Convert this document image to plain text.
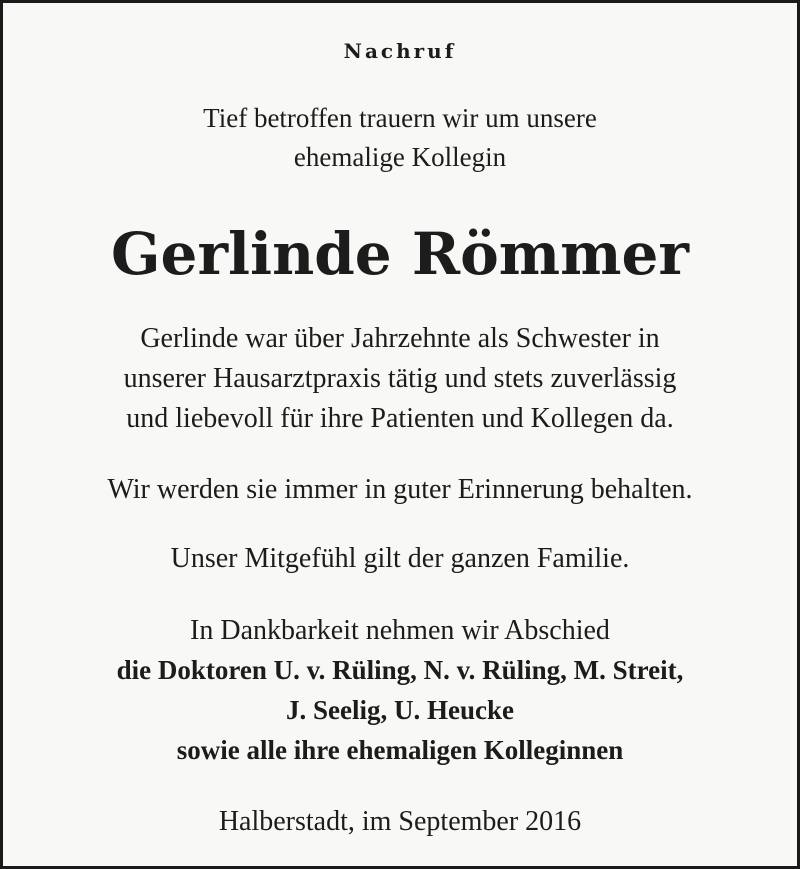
Nachruf
Tief betroffen trauern wir um unsere
ehemalige Kollegin
Gerlinde Römmer
Gerlinde war über Jahrzehnte als Schwester in
unserer Hausarztpraxis tätig und stets zuverlässig
und liebevoll für ihre Patienten und Kollegen da.
Wir werden sie immer in guter Erinnerung behalten.
Unser Mitgefühl gilt der ganzen Familie.
In Dankbarkeit nehmen wir Abschied
die Doktoren U. v. Rüling, N. v. Rüling, M. Streit,
J. Seelig, U. Heucke
sowie alle ihre ehemaligen Kolleginnen
Halberstadt, im September 2016
